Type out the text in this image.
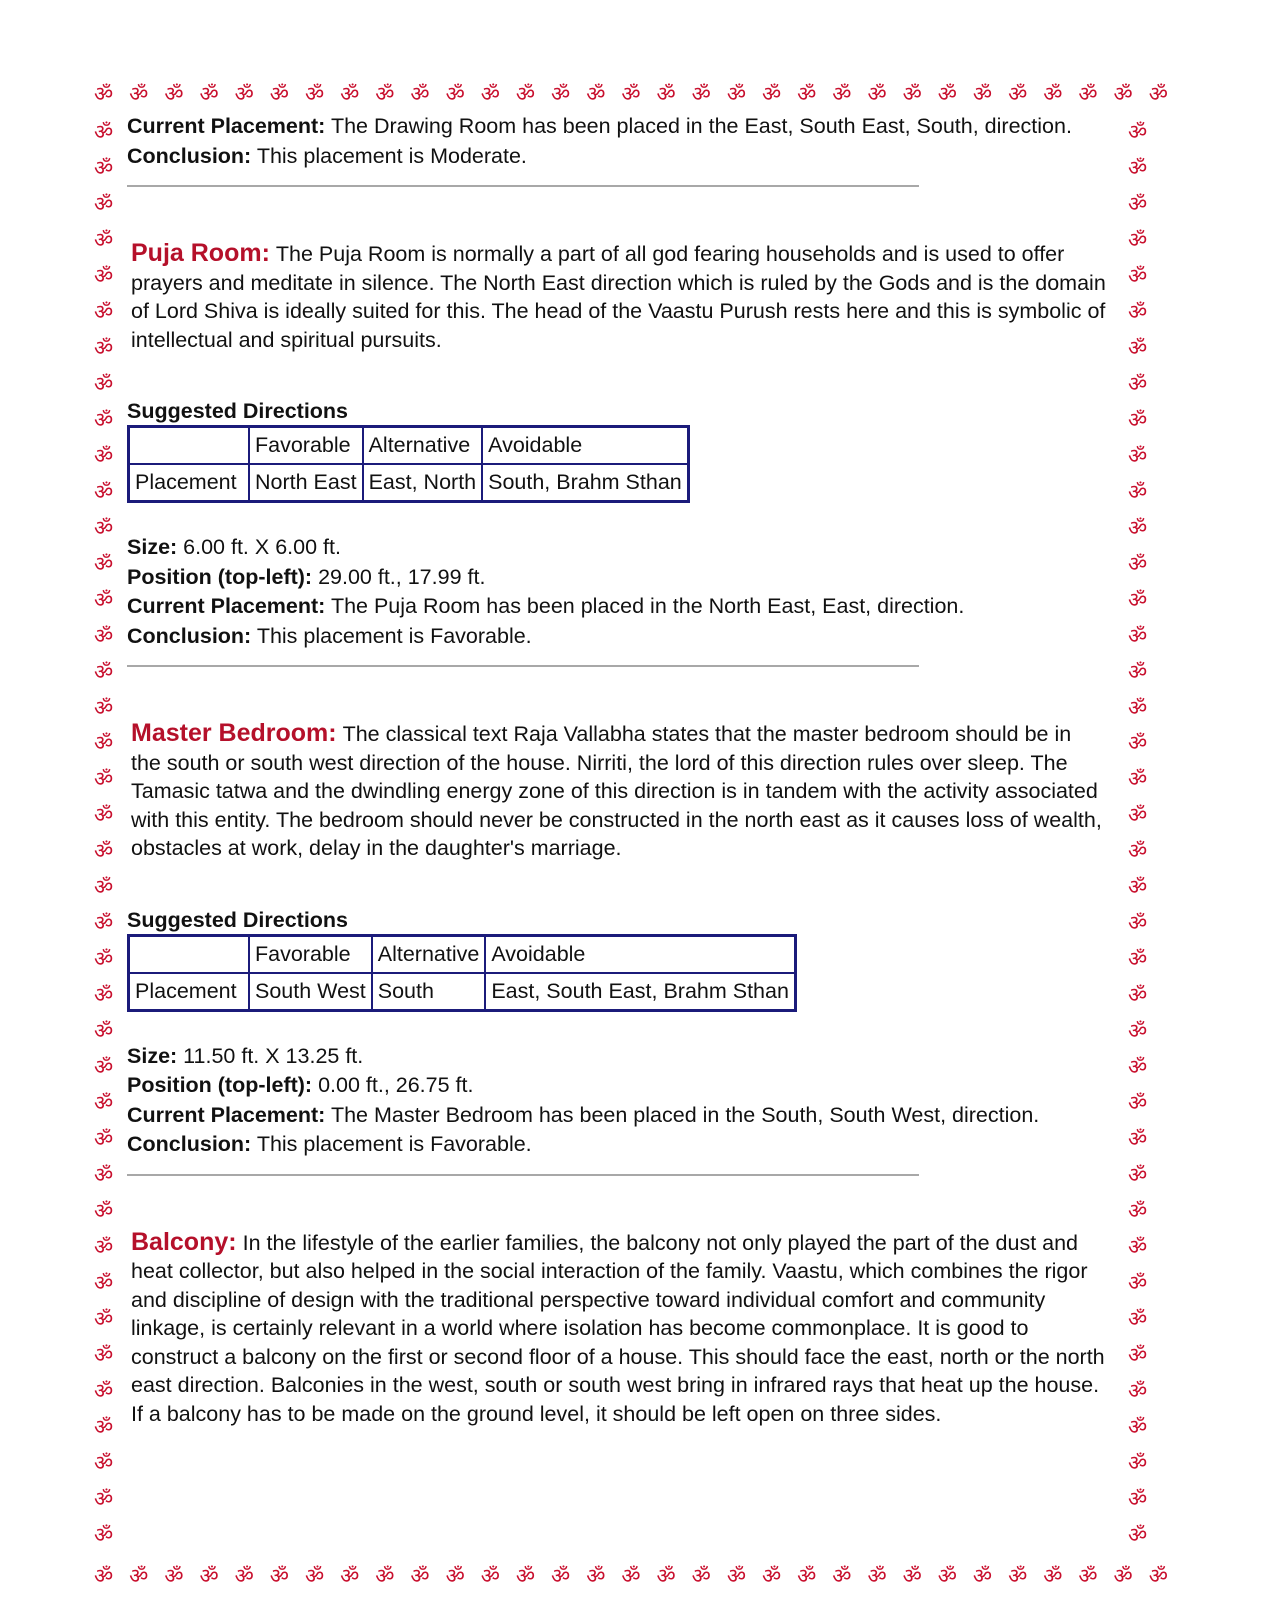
ॐ ॐ ॐ ॐ ॐ ॐ ॐ ॐ ॐ ॐ ॐ ॐ ॐ ॐ ॐ ॐ ॐ ॐ ॐ ॐ ॐ ॐ ॐ ॐ ॐ ॐ ॐ ॐ ॐ ॐ ॐ
ॐ ॐ ॐ ॐ ॐ ॐ ॐ ॐ ॐ ॐ ॐ ॐ ॐ ॐ ॐ ॐ ॐ ॐ ॐ ॐ ॐ ॐ ॐ ॐ ॐ ॐ ॐ ॐ ॐ ॐ ॐ
ॐ
ॐ
ॐ
ॐ
ॐ
ॐ
ॐ
ॐ
ॐ
ॐ
ॐ
ॐ
ॐ
ॐ
ॐ
ॐ
ॐ
ॐ
ॐ
ॐ
ॐ
ॐ
ॐ
ॐ
ॐ
ॐ
ॐ
ॐ
ॐ
ॐ
ॐ
ॐ
ॐ
ॐ
ॐ
ॐ
ॐ
ॐ
ॐ
ॐ
ॐ
ॐ
ॐ
ॐ
ॐ
ॐ
ॐ
ॐ
ॐ
ॐ
ॐ
ॐ
ॐ
ॐ
ॐ
ॐ
ॐ
ॐ
ॐ
ॐ
ॐ
ॐ
ॐ
ॐ
ॐ
ॐ
ॐ
ॐ
ॐ
ॐ
ॐ
ॐ
ॐ
ॐ
ॐ
ॐ
ॐ
ॐ
ॐ
ॐ
Current Placement: The Drawing Room has been placed in the East, South East, South, direction.
Conclusion: This placement is Moderate.
Puja Room: The Puja Room is normally a part of all god fearing households and is used to offer prayers and meditate in silence. The North East direction which is ruled by the Gods and is the domain of Lord Shiva is ideally suited for this. The head of the Vaastu Purush rests here and this is symbolic of intellectual and spiritual pursuits.
Suggested Directions
	Favorable	Alternative	Avoidable
Placement	North East	East, North	South, Brahm Sthan
Size: 6.00 ft. X 6.00 ft.
Position (top-left): 29.00 ft., 17.99 ft.
Current Placement: The Puja Room has been placed in the North East, East, direction.
Conclusion: This placement is Favorable.
Master Bedroom: The classical text Raja Vallabha states that the master bedroom should be in the south or south west direction of the house. Nirriti, the lord of this direction rules over sleep. The Tamasic tatwa and the dwindling energy zone of this direction is in tandem with the activity associated with this entity. The bedroom should never be constructed in the north east as it causes loss of wealth, obstacles at work, delay in the daughter's marriage.
Suggested Directions
	Favorable	Alternative	Avoidable
Placement	South West	South	East, South East, Brahm Sthan
Size: 11.50 ft. X 13.25 ft.
Position (top-left): 0.00 ft., 26.75 ft.
Current Placement: The Master Bedroom has been placed in the South, South West, direction.
Conclusion: This placement is Favorable.
Balcony: In the lifestyle of the earlier families, the balcony not only played the part of the dust and heat collector, but also helped in the social interaction of the family. Vaastu, which combines the rigor and discipline of design with the traditional perspective toward individual comfort and community linkage, is certainly relevant in a world where isolation has become commonplace. It is good to construct a balcony on the first or second floor of a house. This should face the east, north or the north east direction. Balconies in the west, south or south west bring in infrared rays that heat up the house. If a balcony has to be made on the ground level, it should be left open on three sides.
